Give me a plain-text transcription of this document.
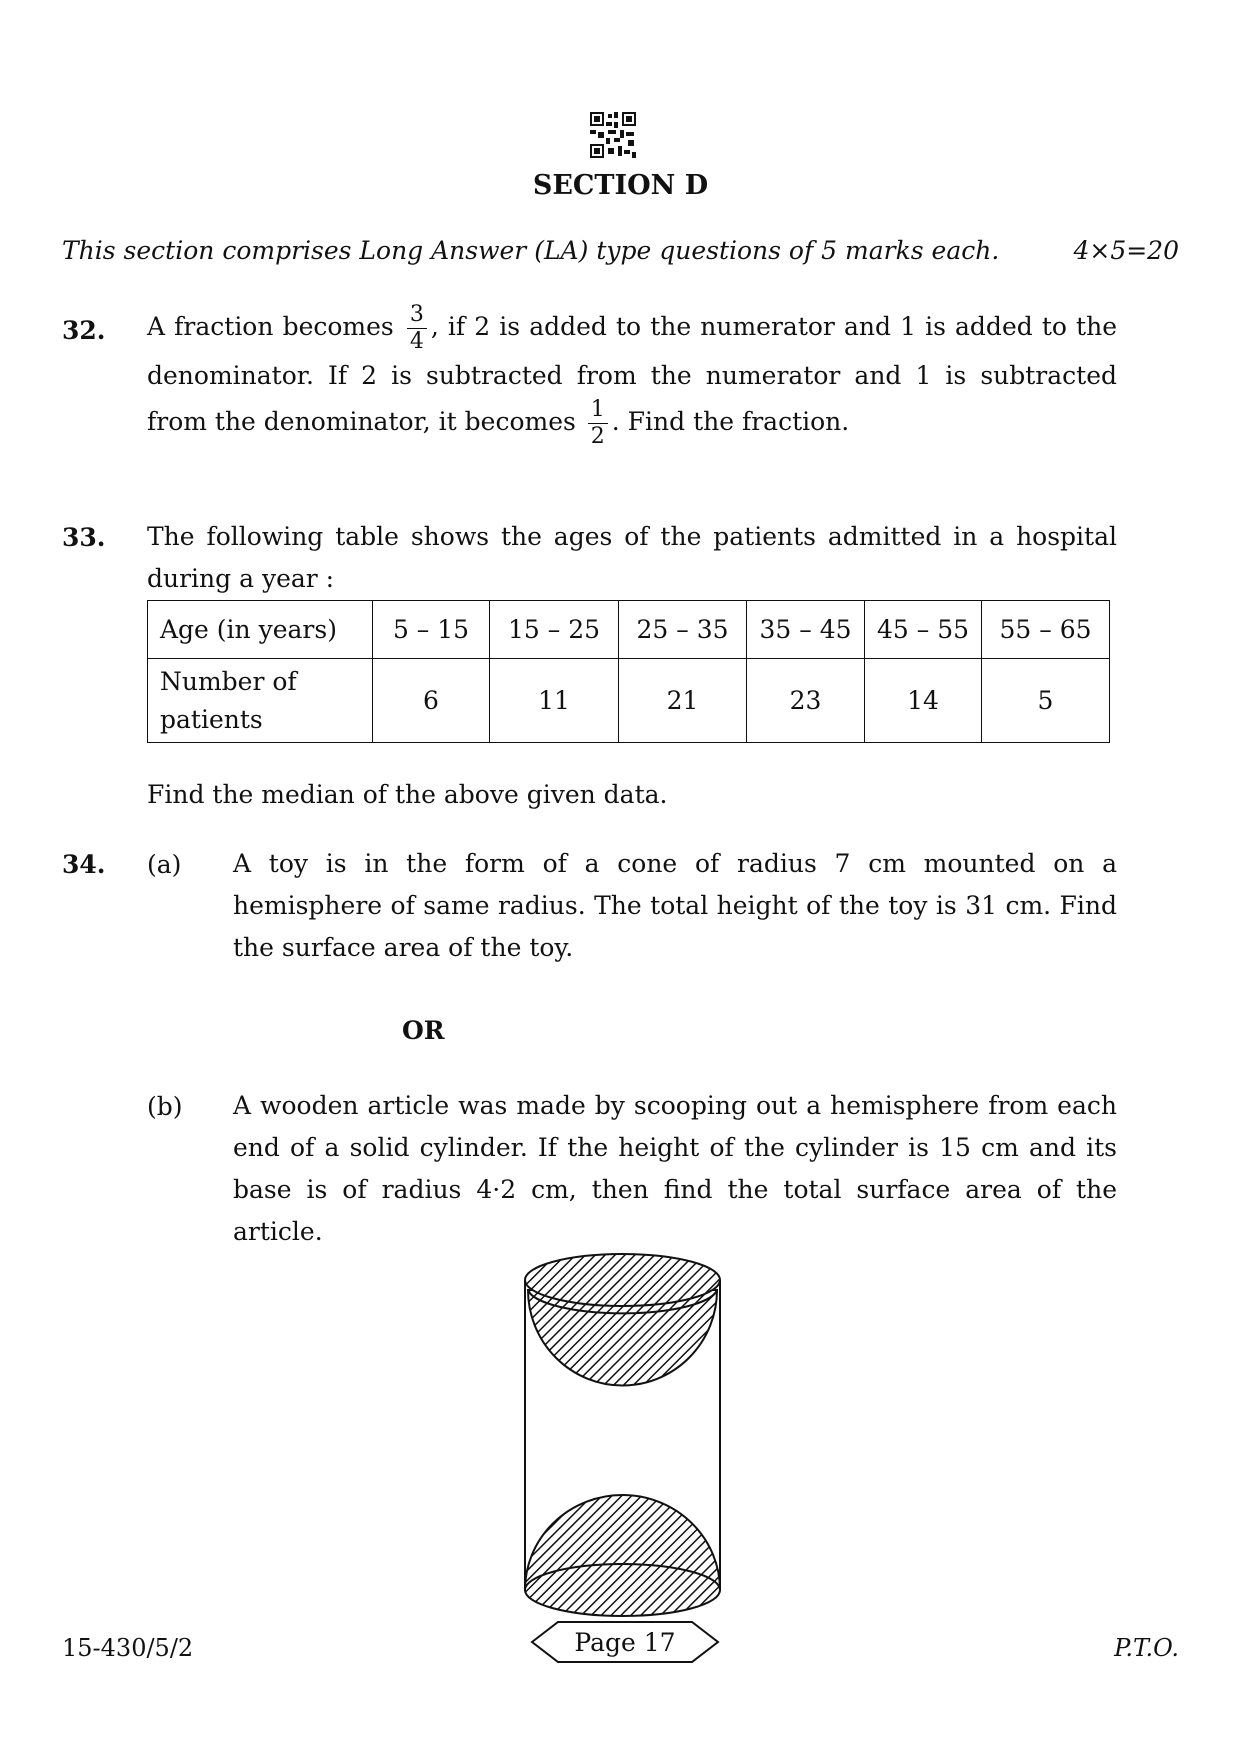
SECTION D
This section comprises Long Answer (LA) type questions of 5 marks each.	4×5=20
32. A fraction becomes $\frac{3}{4}$ , if 2 is added to the numerator and 1 is added to the denominator. If 2 is subtracted from the numerator and 1 is subtracted from the denominator, it becomes $\frac{1}{2}$ . Find the fraction.
33. The following table shows the ages of the patients admitted in a hospital during a year :
Age (in years)	5 – 15	15 – 25	25 – 35	35 – 45	45 – 55	55 – 65
Number of patients	6	11	21	23	14	5
Find the median of the above given data.
34. (a) A toy is in the form of a cone of radius 7 cm mounted on a hemisphere of same radius. The total height of the toy is 31 cm. Find the surface area of the toy.
OR
(b) A wooden article was made by scooping out a hemisphere from each end of a solid cylinder. If the height of the cylinder is 15 cm and its base is of radius 4·2 cm, then find the total surface area of the article.
15-430/5/2	Page 17	P.T.O.
